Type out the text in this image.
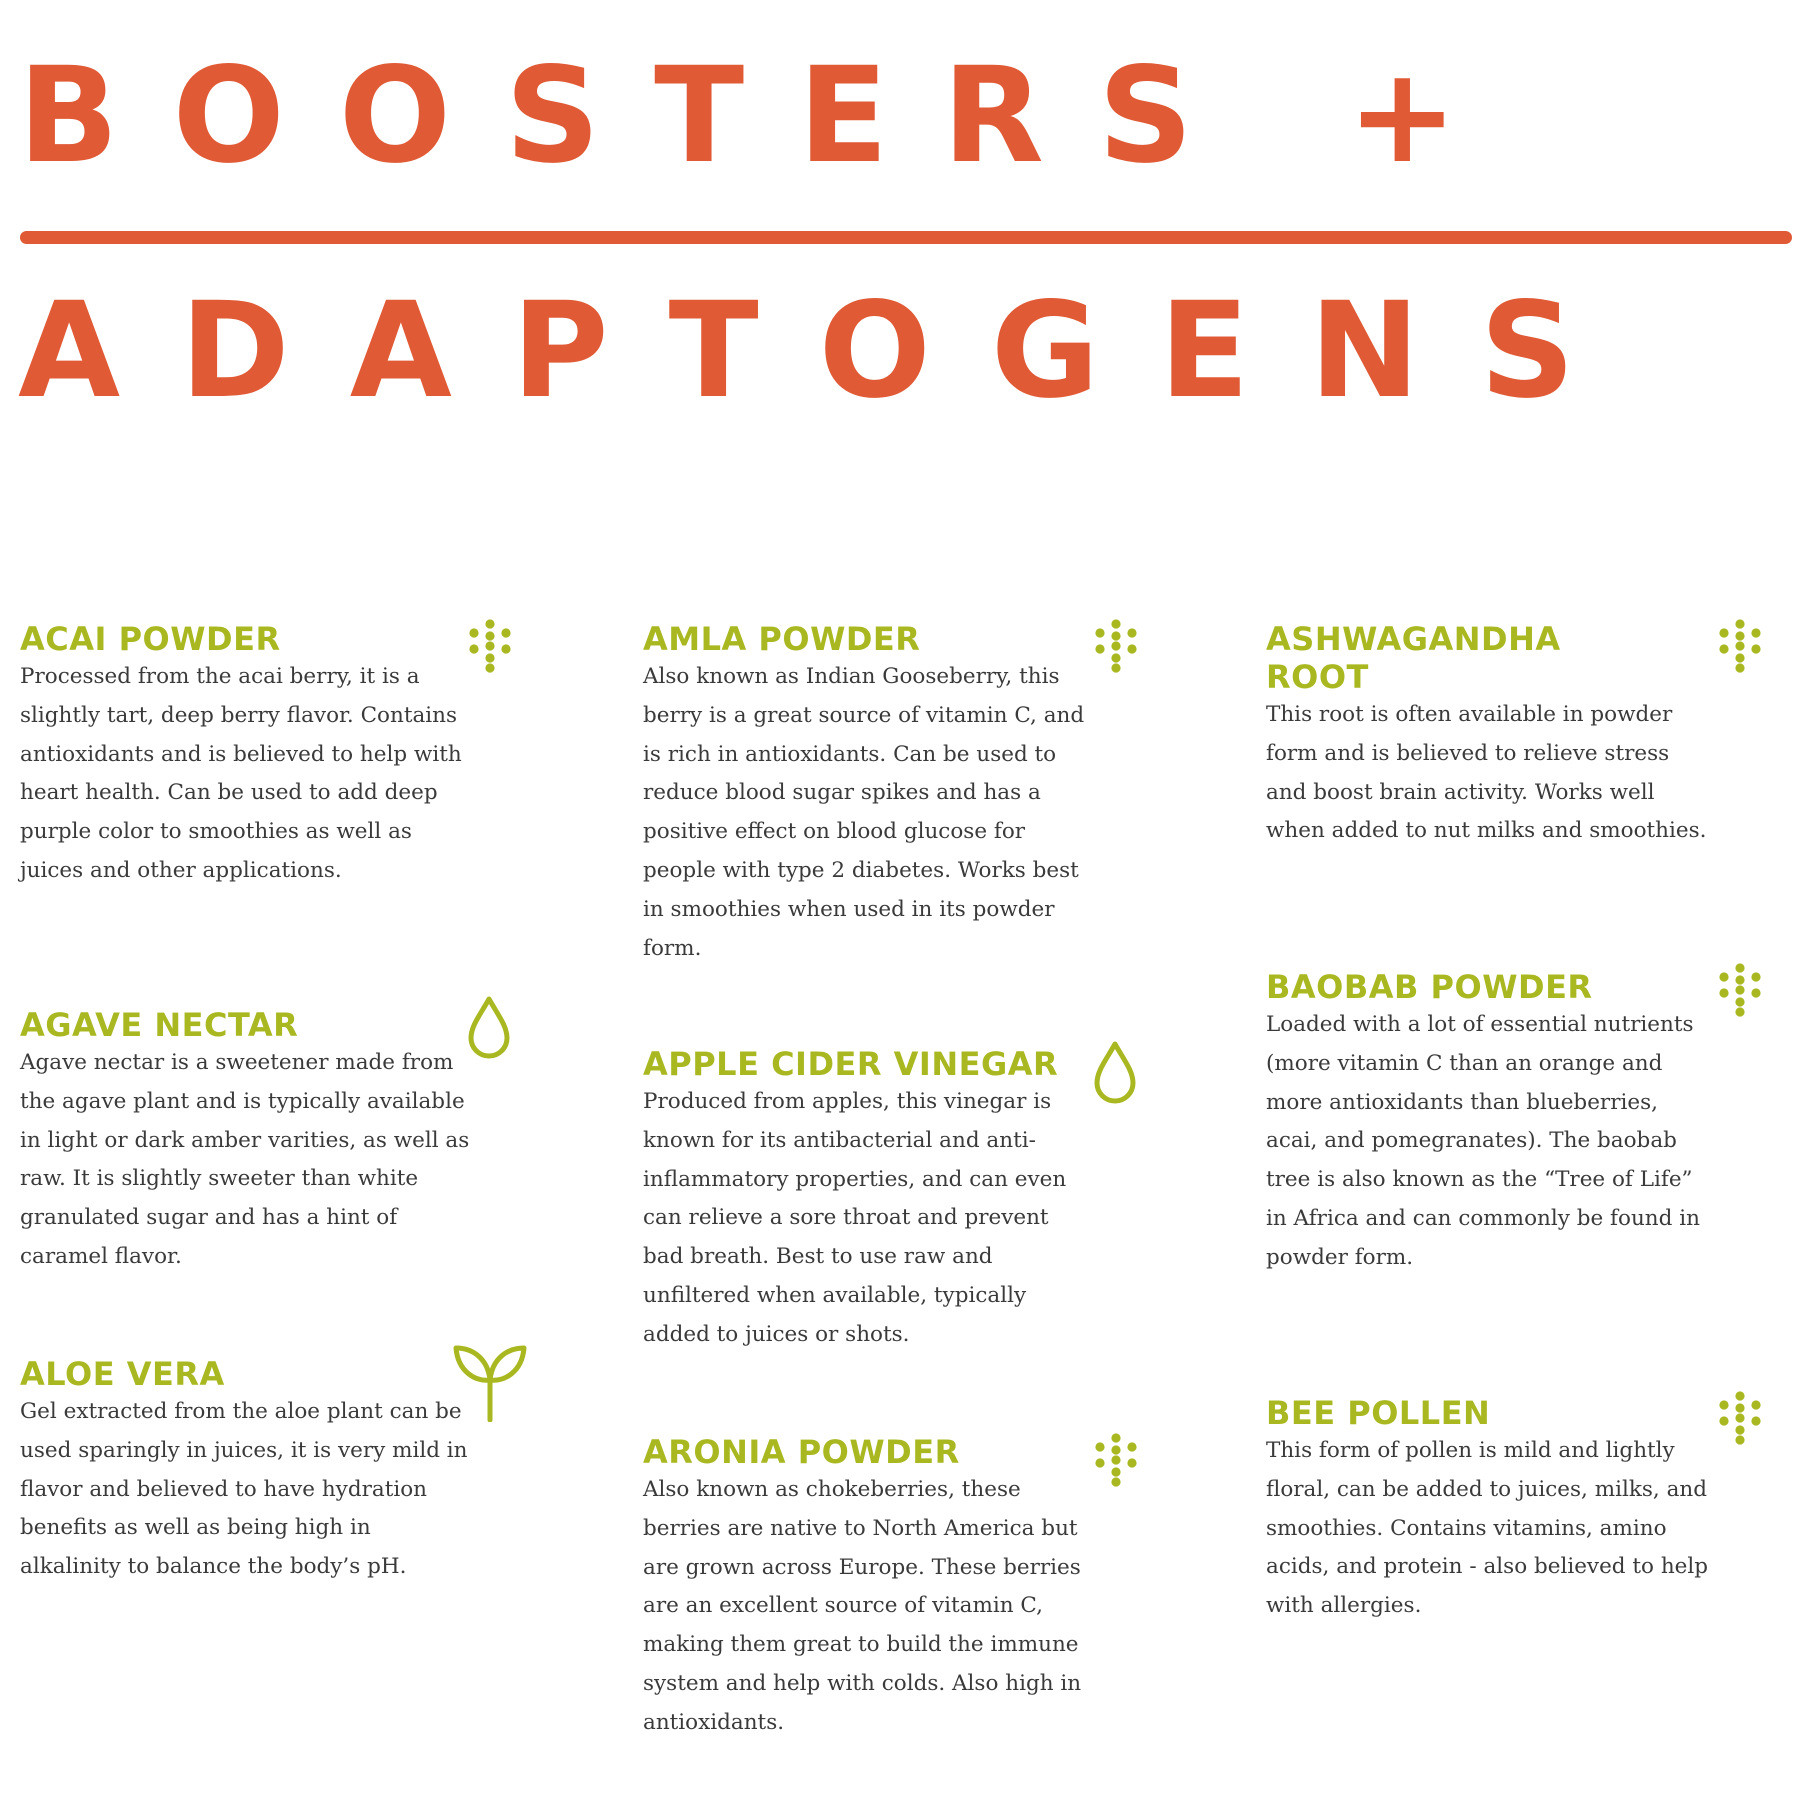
BOOSTERS +
ADAPTOGENS
ACAI POWDER

Processed from the acai berry, it is a slightly tart, deep berry flavor. Contains antioxidants and is believed to help with heart health. Can be used to add deep purple color to smoothies as well as juices and other applications.

AGAVE NECTAR

Agave nectar is a sweetener made from the agave plant and is typically available in light or dark amber varities, as well as raw. It is slightly sweeter than white granulated sugar and has a hint of caramel flavor.

ALOE VERA

Gel extracted from the aloe plant can be used sparingly in juices, it is very mild in flavor and believed to have hydration benefits as well as being high in alkalinity to balance the body’s pH.

AMLA POWDER

Also known as Indian Gooseberry, this berry is a great source of vitamin C, and is rich in antioxidants. Can be used to reduce blood sugar spikes and has a positive effect on blood glucose for people with type 2 diabetes. Works best in smoothies when used in its powder form.

APPLE CIDER VINEGAR

Produced from apples, this vinegar is known for its antibacterial and anti-inflammatory properties, and can even can relieve a sore throat and prevent bad breath. Best to use raw and unfiltered when available, typically added to juices or shots.

ARONIA POWDER

Also known as chokeberries, these berries are native to North America but are grown across Europe. These berries are an excellent source of vitamin C, making them great to build the immune system and help with colds. Also high in antioxidants.

ASHWAGANDHA ROOT

This root is often available in powder form and is believed to relieve stress and boost brain activity. Works well when added to nut milks and smoothies.

BAOBAB POWDER

Loaded with a lot of essential nutrients (more vitamin C than an orange and more antioxidants than blueberries, acai, and pomegranates). The baobab tree is also known as the “Tree of Life” in Africa and can commonly be found in powder form.

BEE POLLEN

This form of pollen is mild and lightly floral, can be added to juices, milks, and smoothies. Contains vitamins, amino acids, and protein - also believed to help with allergies.
